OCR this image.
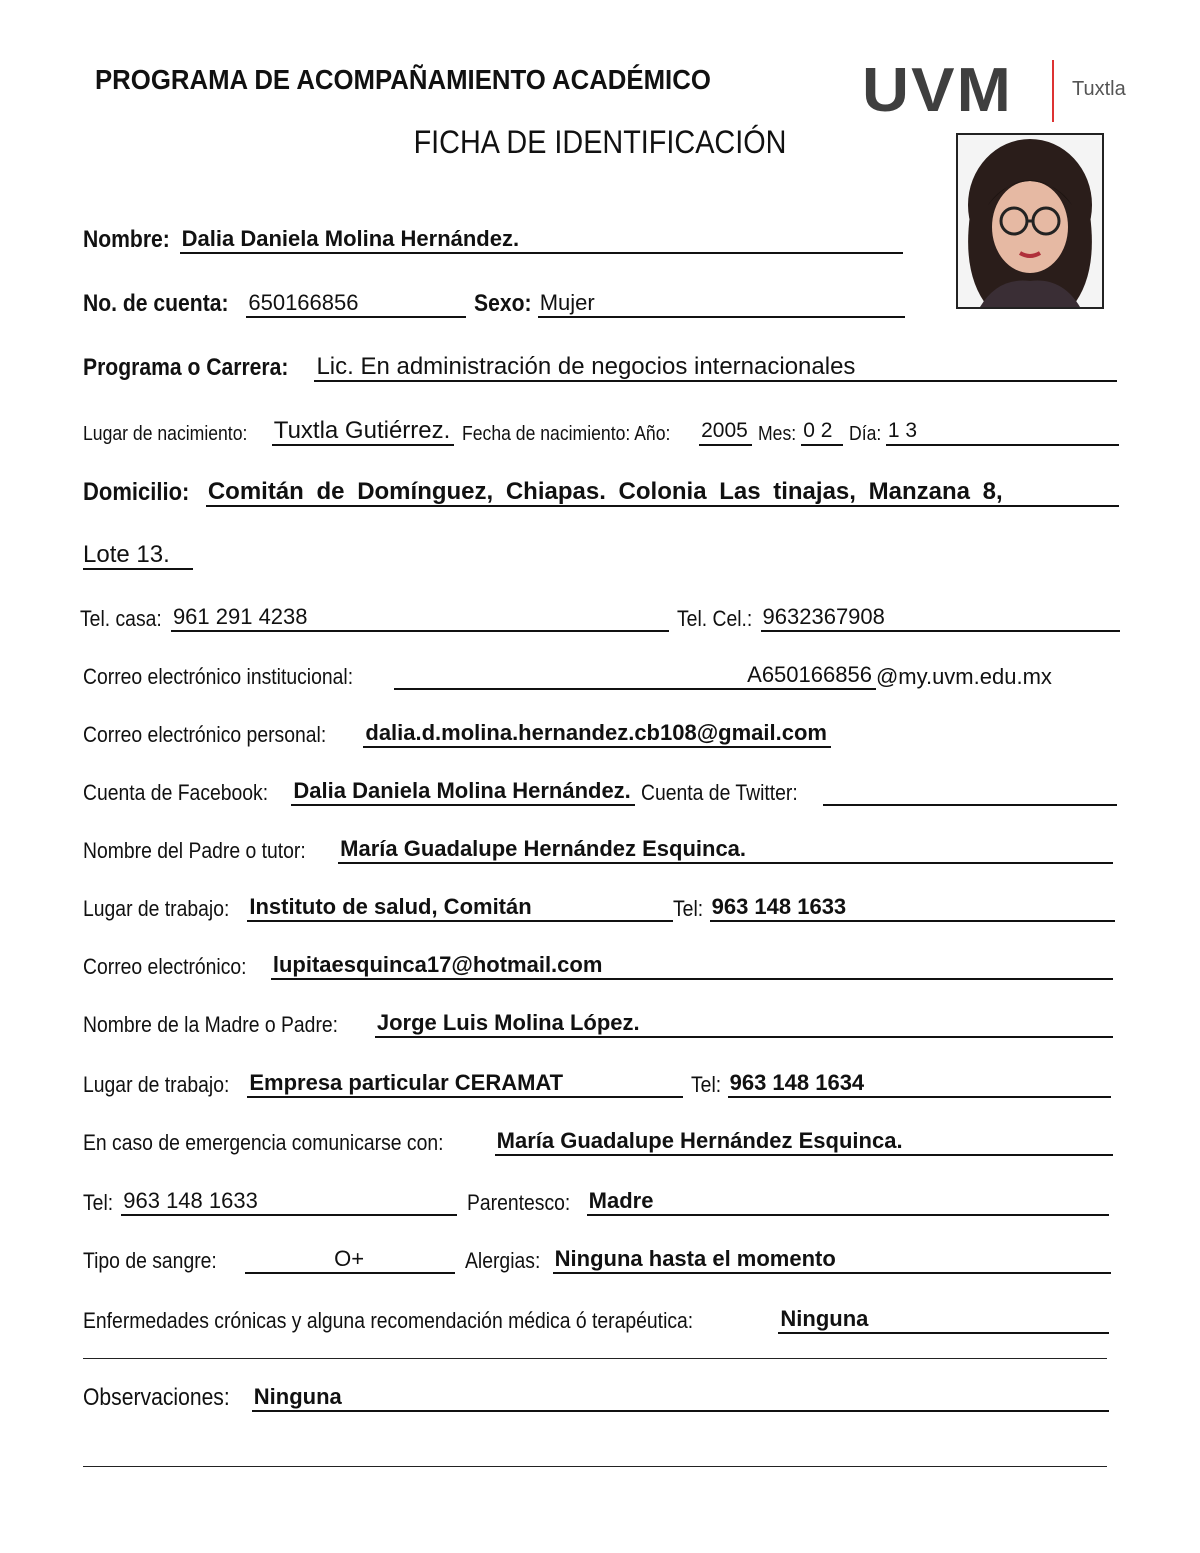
PROGRAMA DE ACOMPAÑAMIENTO ACADÉMICO
FICHA DE IDENTIFICACIÓN
UVM	Tuxtla
Nombre: Dalia Daniela Molina Hernández.
No. de cuenta: 650166856	Sexo: Mujer
Programa o Carrera: Lic. En administración de negocios internacionales
Lugar de nacimiento: Tuxtla Gutiérrez. Fecha de nacimiento: Año: 2005 Mes: 0 2 Día: 1 3
Domicilio: Comitán de Domínguez, Chiapas. Colonia Las tinajas, Manzana 8,
Lote 13.
Tel. casa: 961 291 4238	Tel. Cel.: 9632367908
Correo electrónico institucional:	A650166856 @my.uvm.edu.mx
Correo electrónico personal: dalia.d.molina.hernandez.cb108@gmail.com
Cuenta de Facebook: Dalia Daniela Molina Hernández. Cuenta de Twitter:
Nombre del Padre o tutor: María Guadalupe Hernández Esquinca.
Lugar de trabajo: Instituto de salud, Comitán	Tel: 963 148 1633
Correo electrónico: lupitaesquinca17@hotmail.com
Nombre de la Madre o Padre: Jorge Luis Molina López.
Lugar de trabajo: Empresa particular CERAMAT	Tel: 963 148 1634
En caso de emergencia comunicarse con: María Guadalupe Hernández Esquinca.
Tel: 963 148 1633	Parentesco: Madre
Tipo de sangre:	O+	Alergias: Ninguna hasta el momento
Enfermedades crónicas y alguna recomendación médica ó terapéutica:	Ninguna
Observaciones: Ninguna
